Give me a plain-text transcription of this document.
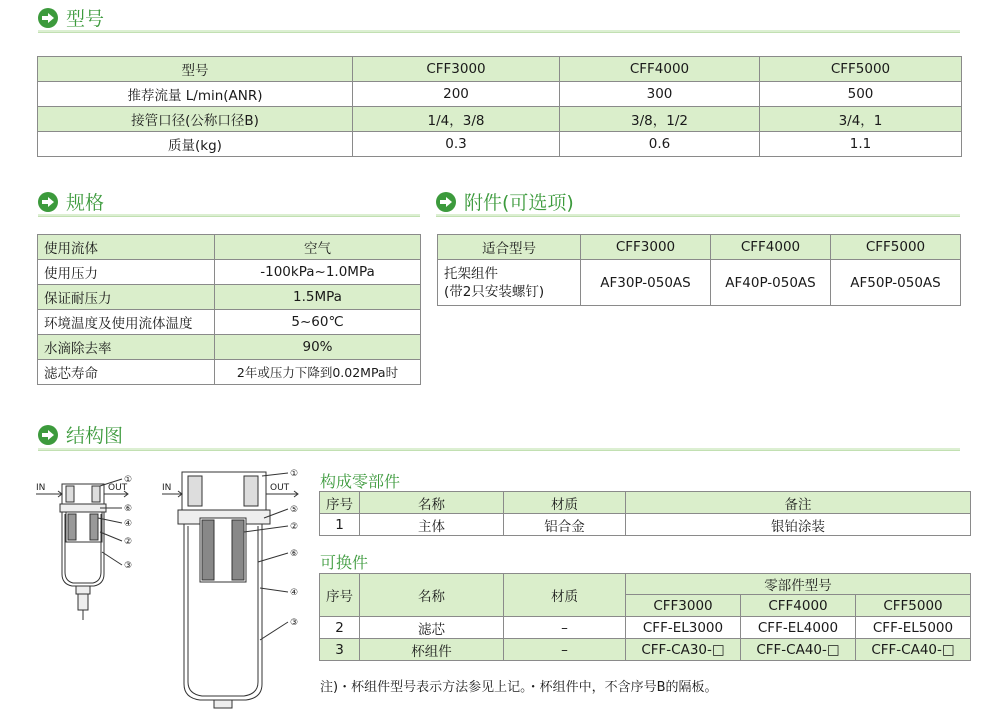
型号
型号	CFF3000	CFF4000	CFF5000
推荐流量 L/min(ANR)	200	300	500
接管口径(公称口径B)	1/4，3/8	3/8，1/2	3/4，1
质量(kg)	0.3	0.6	1.1
规格
使用流体	空气
使用压力	-100kPa~1.0MPa
保证耐压力	1.5MPa
环境温度及使用流体温度	5~60℃
水滴除去率	90%
滤芯寿命	2年或压力下降到0.02MPa时
附件(可选项)
适合型号	CFF3000	CFF4000	CFF5000

托架组件
(带2只安装螺钉)	AF30P-050AS	AF40P-050AS	AF50P-050AS
结构图
IN	OUT
①
⑥
④
②
③
IN	OUT
①
⑤
②
⑥
④
③
构成零部件
序号	名称	材质	备注
1	主体	铝合金	银铂涂装
可换件
序号	名称	材质	零部件型号		
			CFF3000	CFF4000	CFF5000
2	滤芯	–	CFF-EL3000	CFF-EL4000	CFF-EL5000
3	杯组件	–	CFF-CA30-□	CFF-CA40-□	CFF-CA40-□
注)・杯组件型号表示方法参见上记。・杯组件中，不含序号B的隔板。
